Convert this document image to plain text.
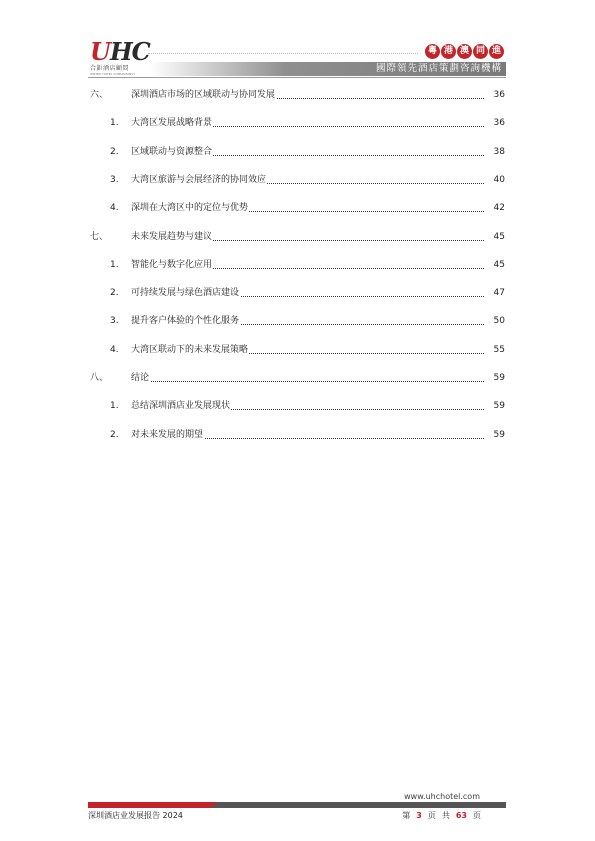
UHC
合鉅酒店顧問
UNITED HOTEL CONSULTANCY
粵 港 澳 同 進
國際領先酒店策劃咨詢機構
六、	深圳酒店市场的区域联动与协同发展	36
1. 大湾区发展战略背景	36
2. 区域联动与资源整合	38
3. 大湾区旅游与会展经济的协同效应	40
4. 深圳在大湾区中的定位与优势	42
七、	未来发展趋势与建议	45
1. 智能化与数字化应用	45
2. 可持续发展与绿色酒店建设	47
3. 提升客户体验的个性化服务	50
4. 大湾区联动下的未来发展策略	55
八、	结论	59
1. 总结深圳酒店业发展现状	59
2. 对未来发展的期望	59
www.uhchotel.com
深圳酒店业发展报告 2024	第 3 页 共 63 页
